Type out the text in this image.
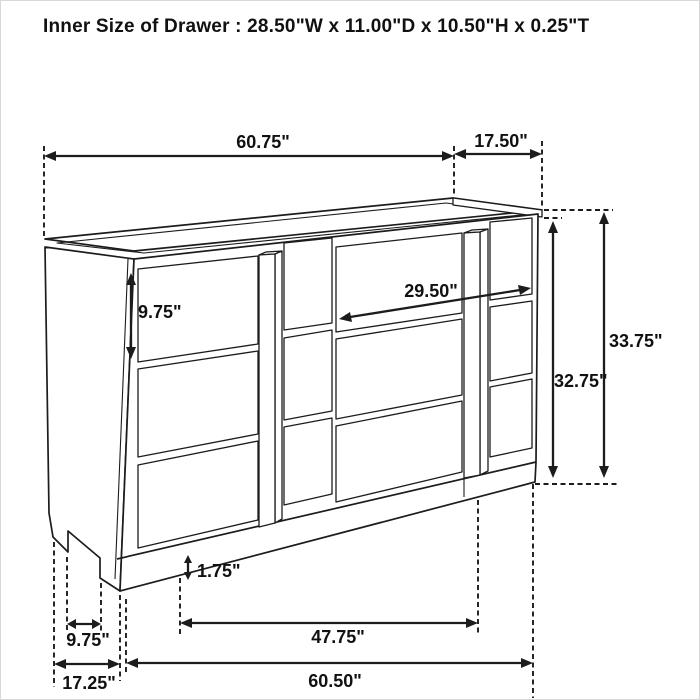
Inner Size of Drawer : 28.50"W x 11.00"D x 10.50"H x 0.25"T
60.75"	17.50"
9.75"
29.50"
33.75"
32.75"
1.75"
9.75"	47.75"
17.25"	60.50"
